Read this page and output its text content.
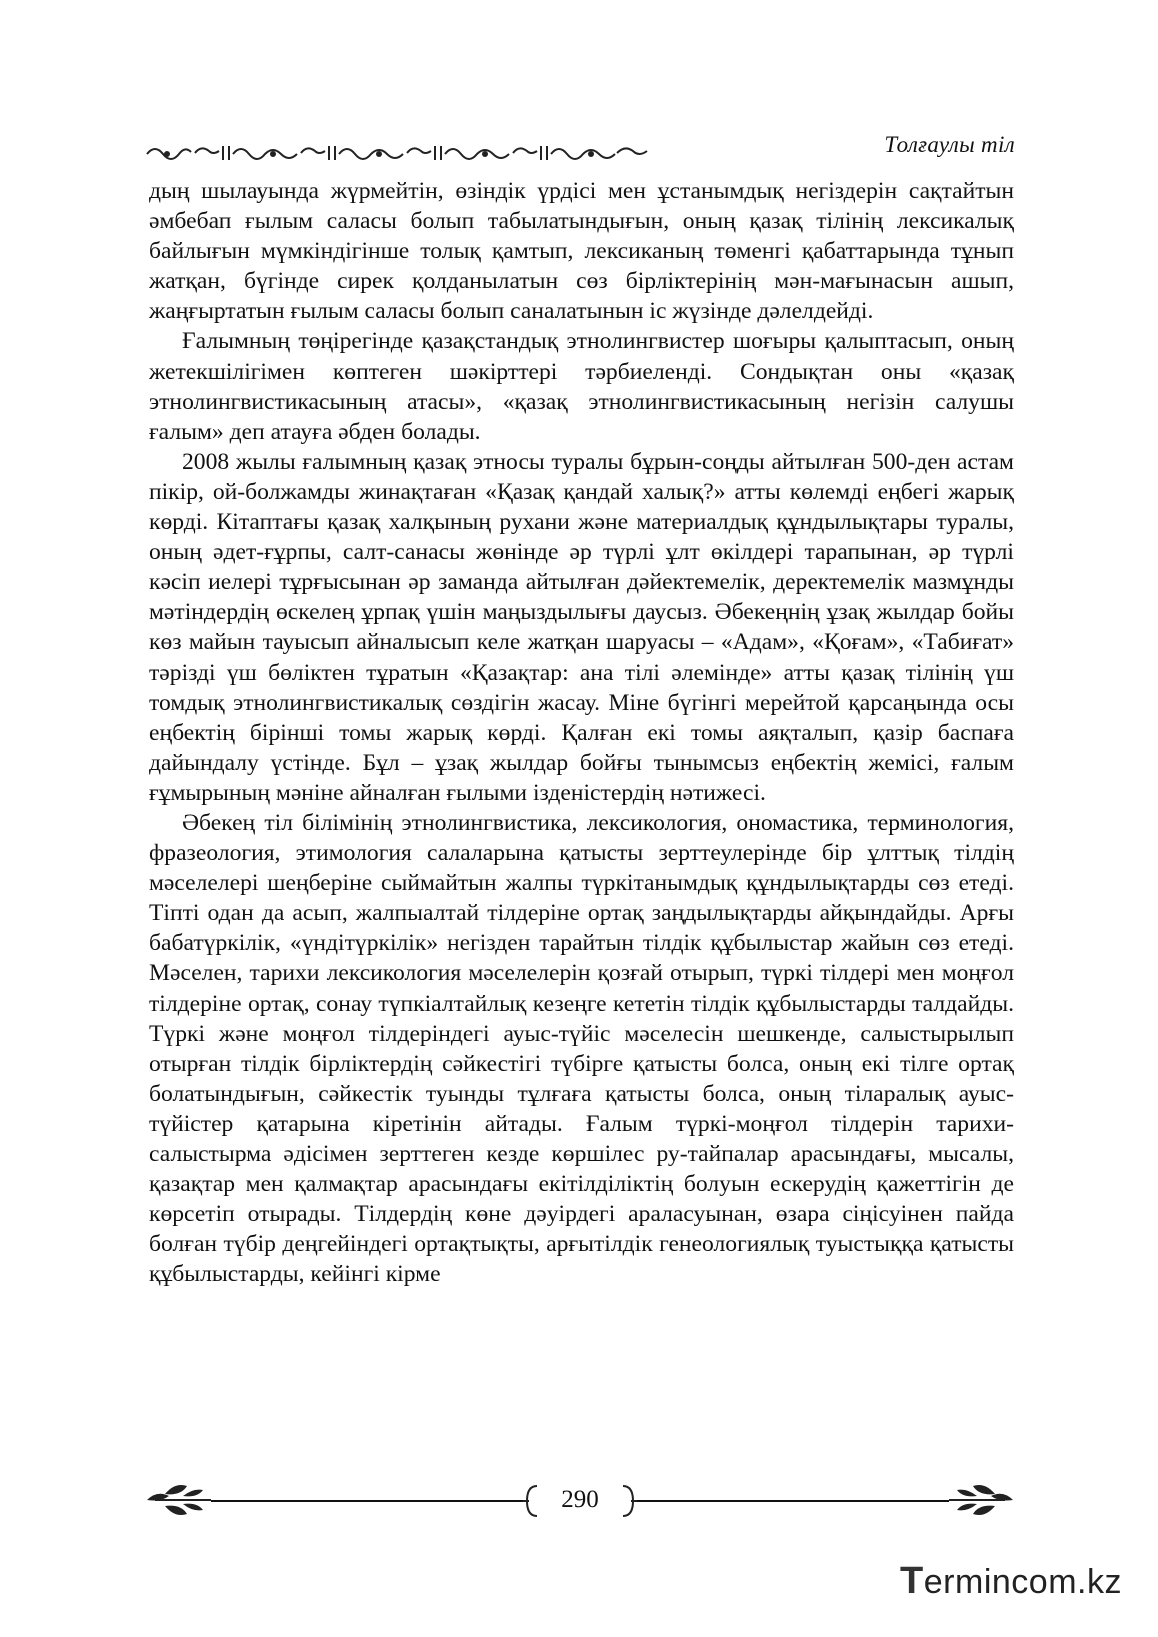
Толғаулы тіл

дың шылауында жүрмейтін, өзіндік үрдісі мен ұстанымдық негіздерін сақтайтын әмбебап ғылым саласы болып табылатындығын, оның қазақ тілінің лексикалық байлығын мүмкіндігінше толық қамтып, лексиканың төменгі қабаттарында тұнып жатқан, бүгінде сирек қолданылатын сөз бірліктерінің мән-мағынасын ашып, жаңғыртатын ғылым саласы болып саналатынын іс жүзінде дәлелдейді.

Ғалымның төңірегінде қазақстандық этнолингвистер шоғыры қалыптасып, оның жетекшілігімен көптеген шәкірттері тәрбиеленді. Сондықтан оны «қазақ этнолингвистикасының атасы», «қазақ этнолингвистикасының негізін салушы ғалым» деп атауға әбден болады.

2008 жылы ғалымның қазақ этносы туралы бұрын-соңды айтылған 500-ден астам пікір, ой-болжамды жинақтаған «Қазақ қандай халық?» атты көлемді еңбегі жарық көрді. Кітаптағы қазақ халқының рухани және материалдық құндылықтары туралы, оның әдет-ғұрпы, салт-санасы жөнінде әр түрлі ұлт өкілдері тарапынан, әр түрлі кәсіп иелері тұрғысынан әр заманда айтылған дәйектемелік, деректемелік мазмұнды мәтіндердің өскелең ұрпақ үшін маңыздылығы даусыз. Әбекеңнің ұзақ жылдар бойы көз майын тауысып айналысып келе жатқан шаруасы – «Адам», «Қоғам», «Табиғат» тәрізді үш бөліктен тұратын «Қазақтар: ана тілі әлемінде» атты қазақ тілінің үш томдық этнолингвистикалық сөздігін жасау. Міне бүгінгі мерейтой қарсаңында осы еңбектің бірінші томы жарық көрді. Қалған екі томы аяқталып, қазір баспаға дайындалу үстінде. Бұл – ұзақ жылдар бойғы тынымсыз еңбектің жемісі, ғалым ғұмырының мәніне айналған ғылыми ізденістердің нәтижесі.

Әбекең тіл білімінің этнолингвистика, лексикология, ономастика, терминология, фразеология, этимология салаларына қатысты зерттеулерінде бір ұлттық тілдің мәселелері шеңберіне сыймайтын жалпы түркітанымдық құндылықтарды сөз етеді. Тіпті одан да асып, жалпыалтай тілдеріне ортақ заңдылықтарды айқындайды. Арғы бабатүркілік, «үндітүркілік» негізден тарайтын тілдік құбылыстар жайын сөз етеді. Мәселен, тарихи лексикология мәселелерін қозғай отырып, түркі тілдері мен моңғол тілдеріне ортақ, сонау түпкіалтайлық кезеңге кететін тілдік құбылыстарды талдайды. Түркі және моңғол тілдеріндегі ауыс-түйіс мәселесін шешкенде, салыстырылып отырған тілдік бірліктердің сәйкестігі түбірге қатысты болса, оның екі тілге ортақ болатындығын, сәйкестік туынды тұлғаға қатысты болса, оның тіларалық ауыс-түйістер қатарына кіретінін айтады. Ғалым түркі-моңғол тілдерін тарихи-салыстырма әдісімен зерттеген кезде көршілес ру-тайпалар арасындағы, мысалы, қазақтар мен қалмақтар арасындағы екітілділіктің болуын ескерудің қажеттігін де көрсетіп отырады. Тілдердің көне дәуірдегі араласуынан, өзара сіңісуінен пайда болған түбір деңгейіндегі ортақтықты, арғытілдік генеологиялық туыстыққа қатысты құбылыстарды, кейінгі кірме

290
Termincom.kz
